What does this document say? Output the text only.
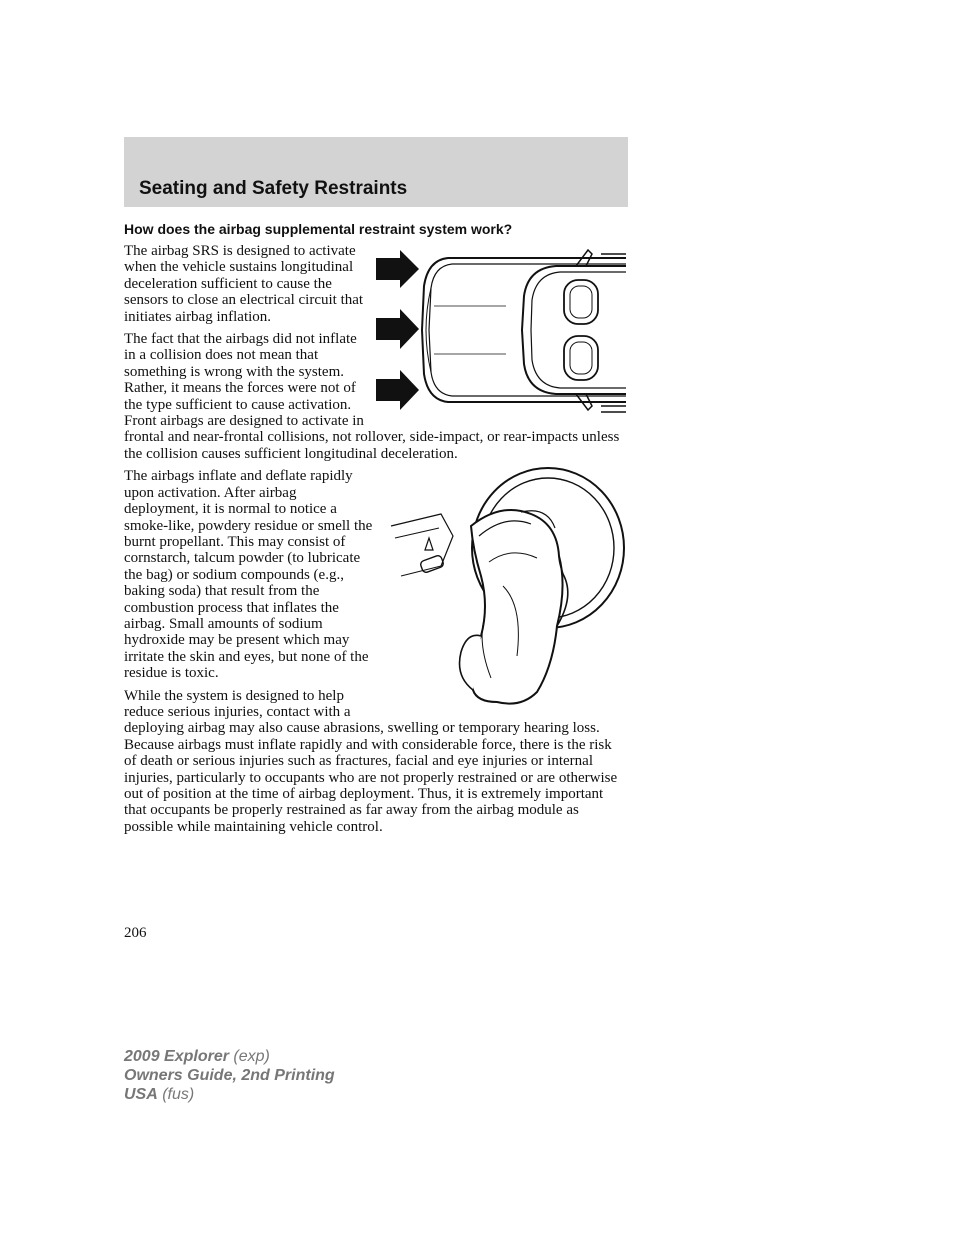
Seating and Safety Restraints
How does the airbag supplemental restraint system work?

The airbag SRS is designed to activate when the vehicle sustains longitudinal deceleration sufficient to cause the sensors to close an electrical circuit that initiates airbag inflation.

The fact that the airbags did not inflate in a collision does not mean that something is wrong with the system. Rather, it means the forces were not of the type sufficient to cause activation. Front airbags are designed to activate in frontal and near-frontal collisions, not rollover, side-impact, or rear-impacts unless the collision causes sufficient longitudinal deceleration.

The airbags inflate and deflate rapidly upon activation. After airbag deployment, it is normal to notice a smoke-like, powdery residue or smell the burnt propellant. This may consist of cornstarch, talcum powder (to lubricate the bag) or sodium compounds (e.g., baking soda) that result from the combustion process that inflates the airbag. Small amounts of sodium hydroxide may be present which may irritate the skin and eyes, but none of the residue is toxic.

While the system is designed to help reduce serious injuries, contact with a deploying airbag may also cause abrasions, swelling or temporary hearing loss. Because airbags must inflate rapidly and with considerable force, there is the risk of death or serious injuries such as fractures, facial and eye injuries or internal injuries, particularly to occupants who are not properly restrained or are otherwise out of position at the time of airbag deployment. Thus, it is extremely important that occupants be properly restrained as far away from the airbag module as possible while maintaining vehicle control.

206
2009 Explorer (exp)
Owners Guide, 2nd Printing
USA (fus)
